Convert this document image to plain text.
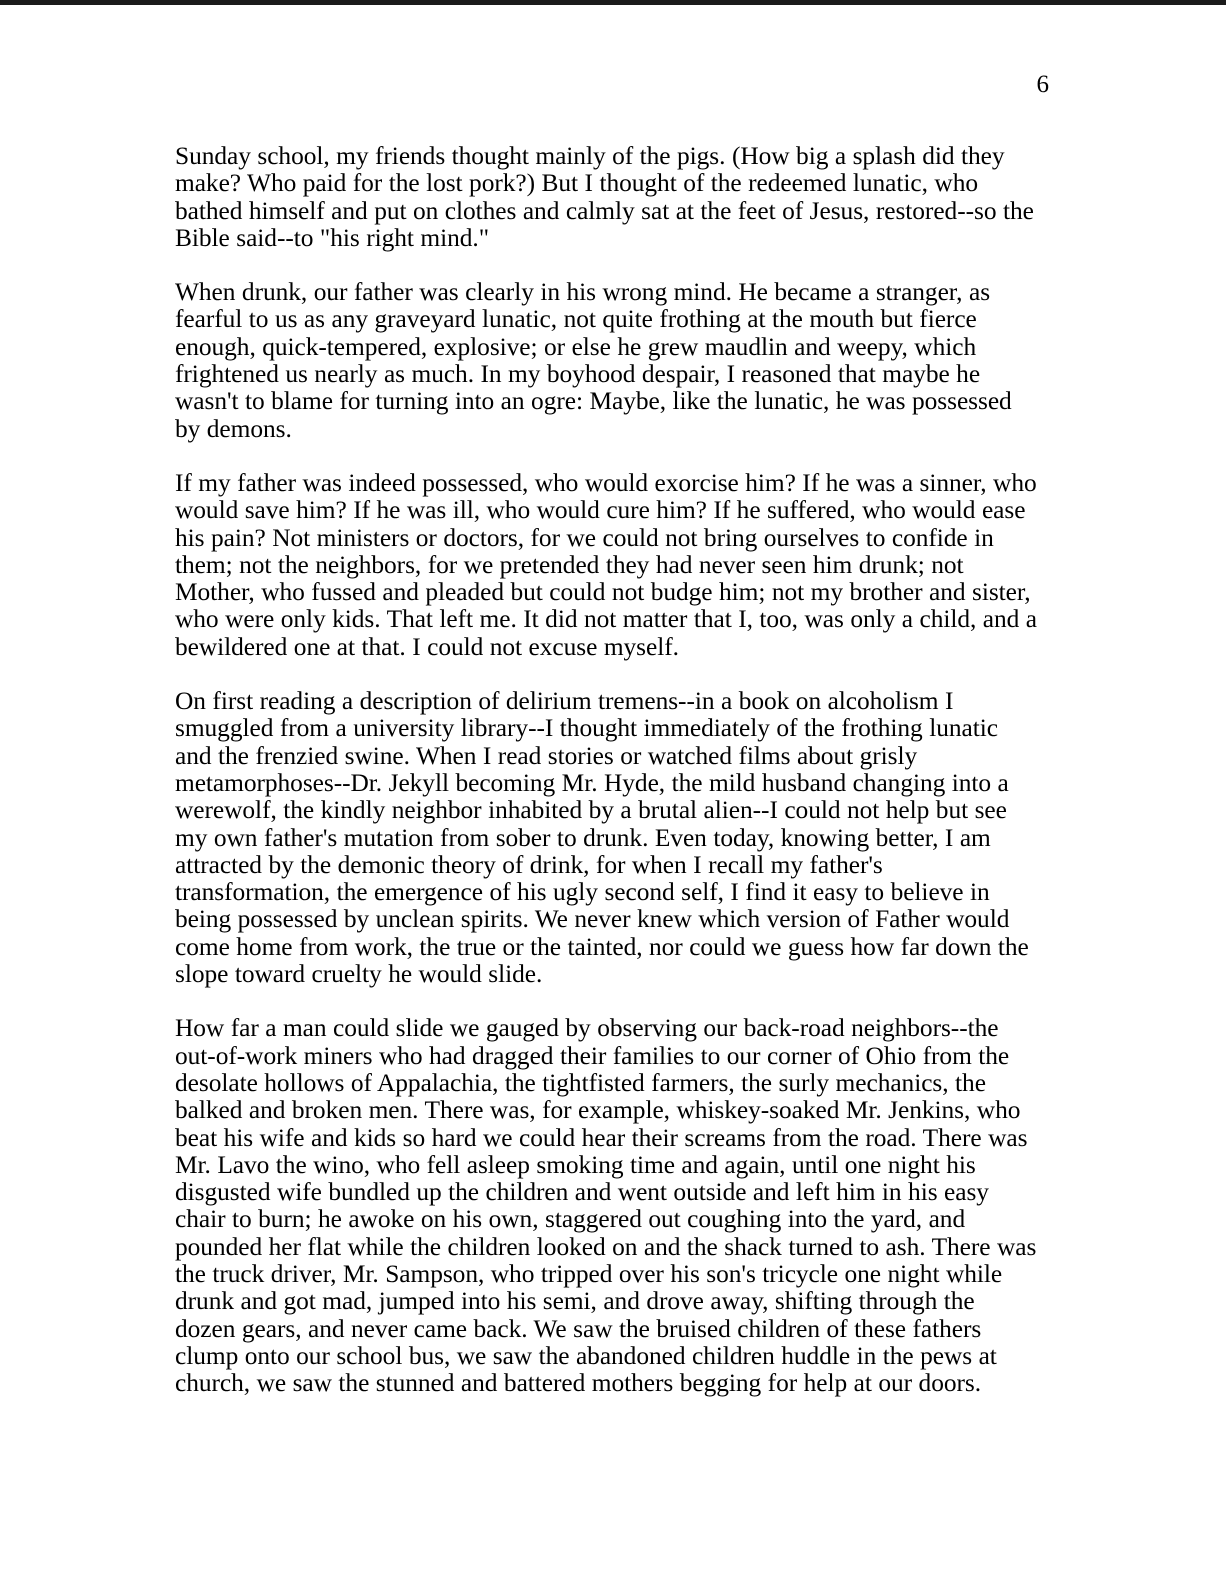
6

Sunday school, my friends thought mainly of the pigs. (How big a splash did they make? Who paid for the lost pork?) But I thought of the redeemed lunatic, who bathed himself and put on clothes and calmly sat at the feet of Jesus, restored--so the Bible said--to "his right mind."

When drunk, our father was clearly in his wrong mind. He became a stranger, as fearful to us as any graveyard lunatic, not quite frothing at the mouth but fierce enough, quick-tempered, explosive; or else he grew maudlin and weepy, which frightened us nearly as much. In my boyhood despair, I reasoned that maybe he wasn't to blame for turning into an ogre: Maybe, like the lunatic, he was possessed by demons.

If my father was indeed possessed, who would exorcise him? If he was a sinner, who would save him? If he was ill, who would cure him? If he suffered, who would ease his pain? Not ministers or doctors, for we could not bring ourselves to confide in them; not the neighbors, for we pretended they had never seen him drunk; not Mother, who fussed and pleaded but could not budge him; not my brother and sister, who were only kids. That left me. It did not matter that I, too, was only a child, and a bewildered one at that. I could not excuse myself.

On first reading a description of delirium tremens--in a book on alcoholism I smuggled from a university library--I thought immediately of the frothing lunatic and the frenzied swine. When I read stories or watched films about grisly metamorphoses--Dr. Jekyll becoming Mr. Hyde, the mild husband changing into a werewolf, the kindly neighbor inhabited by a brutal alien--I could not help but see my own father's mutation from sober to drunk. Even today, knowing better, I am attracted by the demonic theory of drink, for when I recall my father's transformation, the emergence of his ugly second self, I find it easy to believe in being possessed by unclean spirits. We never knew which version of Father would come home from work, the true or the tainted, nor could we guess how far down the slope toward cruelty he would slide.

How far a man could slide we gauged by observing our back-road neighbors--the out-of-work miners who had dragged their families to our corner of Ohio from the desolate hollows of Appalachia, the tightfisted farmers, the surly mechanics, the balked and broken men. There was, for example, whiskey-soaked Mr. Jenkins, who beat his wife and kids so hard we could hear their screams from the road. There was Mr. Lavo the wino, who fell asleep smoking time and again, until one night his disgusted wife bundled up the children and went outside and left him in his easy chair to burn; he awoke on his own, staggered out coughing into the yard, and pounded her flat while the children looked on and the shack turned to ash. There was the truck driver, Mr. Sampson, who tripped over his son's tricycle one night while drunk and got mad, jumped into his semi, and drove away, shifting through the dozen gears, and never came back. We saw the bruised children of these fathers clump onto our school bus, we saw the abandoned children huddle in the pews at church, we saw the stunned and battered mothers begging for help at our doors.
